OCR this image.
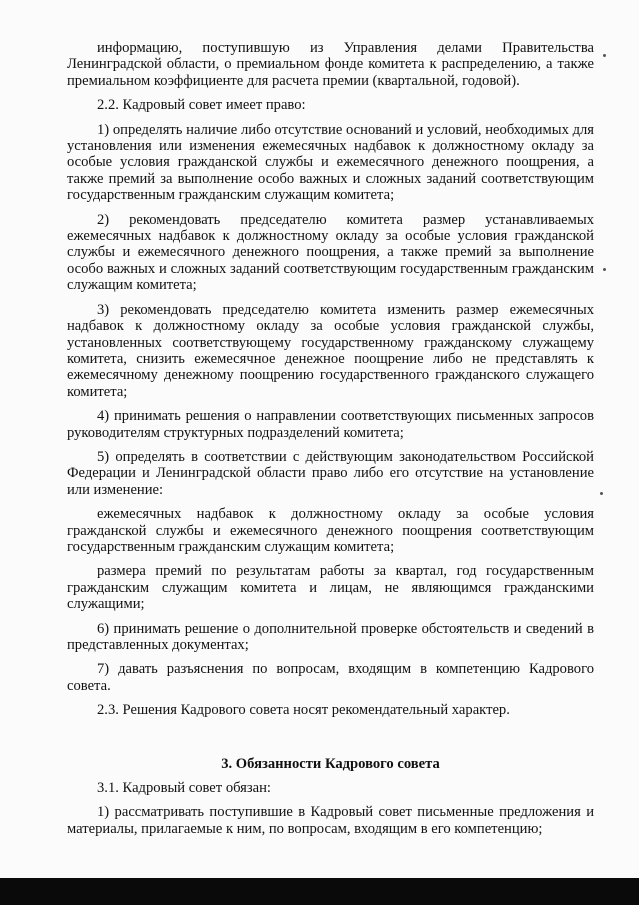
информацию, поступившую из Управления делами Правительства Ленинградской области, о премиальном фонде комитета к распределению, а также премиальном коэффициенте для расчета премии (квартальной, годовой).

2.2. Кадровый совет имеет право:

1) определять наличие либо отсутствие оснований и условий, необходимых для установления или изменения ежемесячных надбавок к должностному окладу за особые условия гражданской службы и ежемесячного денежного поощрения, а также премий за выполнение особо важных и сложных заданий соответствующим государственным гражданским служащим комитета;

2) рекомендовать председателю комитета размер устанавливаемых ежемесячных надбавок к должностному окладу за особые условия гражданской службы и ежемесячного денежного поощрения, а также премий за выполнение особо важных и сложных заданий соответствующим государственным гражданским служащим комитета;

3) рекомендовать председателю комитета изменить размер ежемесячных надбавок к должностному окладу за особые условия гражданской службы, установленных соответствующему государственному гражданскому служащему комитета, снизить ежемесячное денежное поощрение либо не представлять к ежемесячному денежному поощрению государственного гражданского служащего комитета;

4) принимать решения о направлении соответствующих письменных запросов руководителям структурных подразделений комитета;

5) определять в соответствии с действующим законодательством Российской Федерации и Ленинградской области право либо его отсутствие на установление или изменение:

ежемесячных надбавок к должностному окладу за особые условия гражданской службы и ежемесячного денежного поощрения соответствующим государственным гражданским служащим комитета;

размера премий по результатам работы за квартал, год государственным гражданским служащим комитета и лицам, не являющимся гражданскими служащими;

6) принимать решение о дополнительной проверке обстоятельств и сведений в представленных документах;

7) давать разъяснения по вопросам, входящим в компетенцию Кадрового совета.

2.3. Решения Кадрового совета носят рекомендательный характер.

3. Обязанности Кадрового совета

3.1. Кадровый совет обязан:

1) рассматривать поступившие в Кадровый совет письменные предложения и материалы, прилагаемые к ним, по вопросам, входящим в его компетенцию;
